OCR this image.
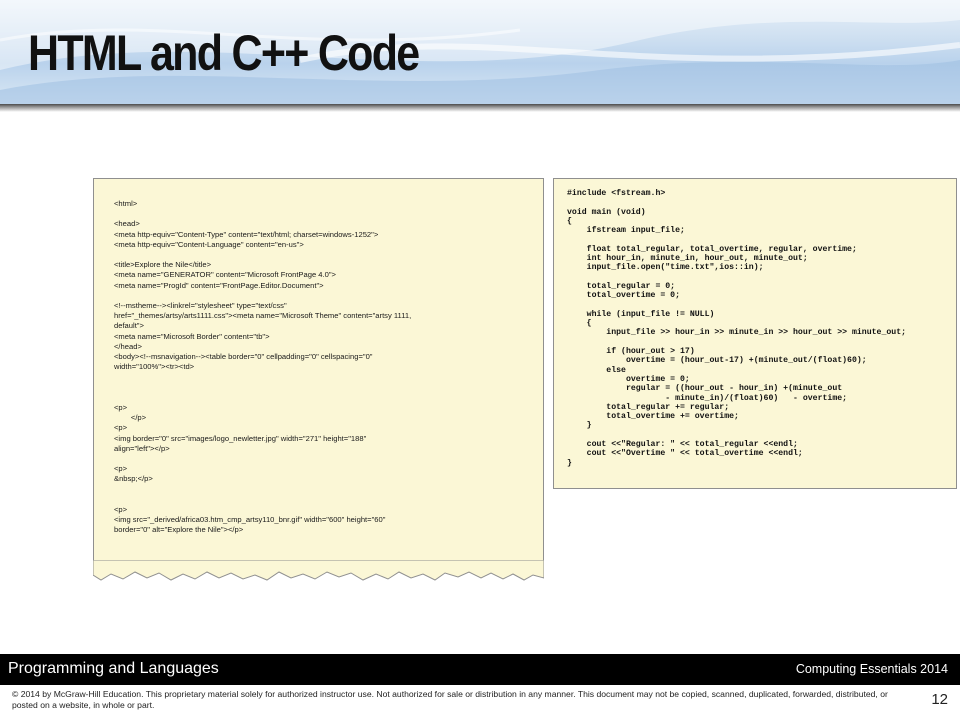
HTML and C++ Code
<html>
<head>
<meta http-equiv="Content-Type" content="text/html; charset=windows-1252">
<meta http-equiv="Content-Language" content="en-us">
<title>Explore the Nile</title>
<meta name="GENERATOR" content="Microsoft FrontPage 4.0">
<meta name="ProgId" content="FrontPage.Editor.Document">
<!--mstheme--><linkrel="stylesheet" type="text/css"
href="_themes/artsy/arts1111.css"><meta name="Microsoft Theme" content="artsy 1111,
default">
<meta name="Microsoft Border" content="tb">
</head>
<body><!--msnavigation--><table border="0" cellpadding="0" cellspacing="0"
width="100%"><tr><td>
<p>
</p>
<p>
<img border="0" src="images/logo_newletter.jpg" width="271" height="188"
align="left"></p>
<p>
&nbsp;</p>
<p>
<img src="_derived/africa03.htm_cmp_artsy110_bnr.gif" width="600" height="60"
border="0" alt="Explore the Nile"></p>
#include <fstream.h>
void main (void)
{
ifstream input_file;
float total_regular, total_overtime, regular, overtime;
int hour_in, minute_in, hour_out, minute_out;
input_file.open("time.txt",ios::in);
total_regular = 0;
total_overtime = 0;
while (input_file != NULL)
{
input_file >> hour_in >> minute_in >> hour_out >> minute_out;
if (hour_out > 17)
overtime = (hour_out-17) +(minute_out/(float)60);
else
overtime = 0;
regular = ((hour_out - hour_in) +(minute_out
- minute_in)/(float)60)   - overtime;
total_regular += regular;
total_overtime += overtime;
}
cout <<"Regular: " << total_regular <<endl;
cout <<"Overtime " << total_overtime <<endl;
}
Programming and Languages	Computing Essentials 2014
© 2014 by McGraw-Hill Education. This proprietary material solely for authorized instructor use. Not authorized for sale or distribution in any manner. This document may not be copied, scanned, duplicated, forwarded, distributed, or posted on a website, in whole or part.	12
